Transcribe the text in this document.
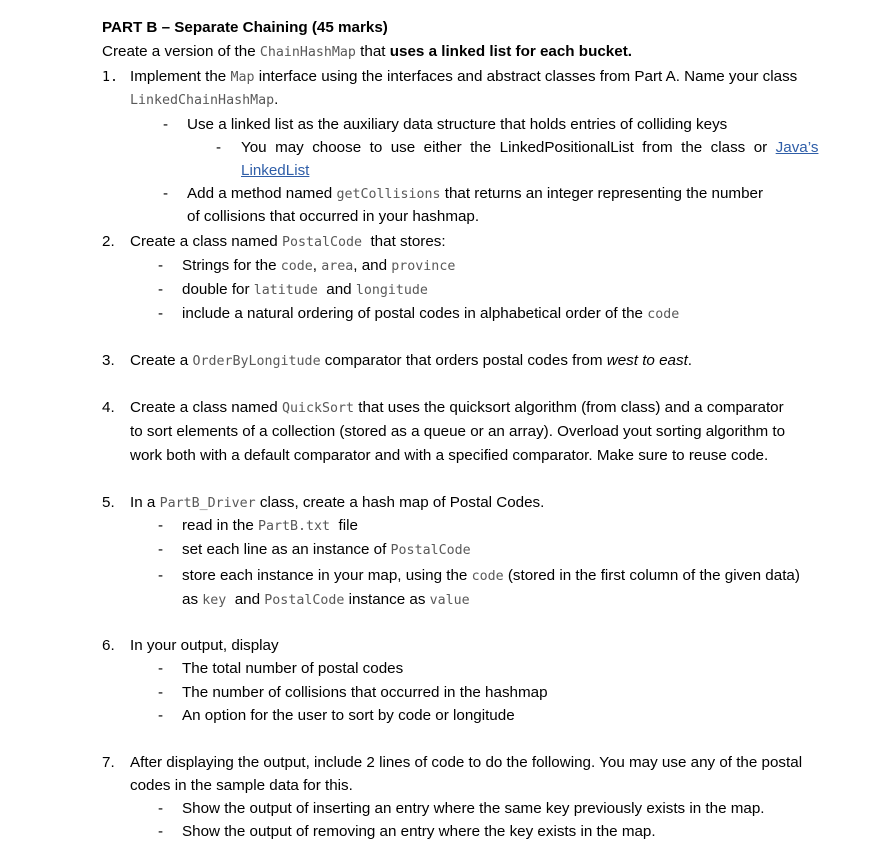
PART B – Separate Chaining (45 marks)
Create a version of the ChainHashMap that uses a linked list for each bucket.
1. Implement the Map interface using the interfaces and abstract classes from Part A. Name your class
LinkedChainHashMap.
- Use a linked list as the auxiliary data structure that holds entries of colliding keys
- You  may  choose  to  use  either  the  LinkedPositionalList  from  the  class  or  Java’s
LinkedList
- Add a method named getCollisions that returns an integer representing the number
of collisions that occurred in your hashmap.
2. Create a class named PostalCode  that stores:
- Strings for the code, area, and province
- double for latitude  and longitude
- include a natural ordering of postal codes in alphabetical order of the code
3. Create a OrderByLongitude comparator that orders postal codes from west to east.
4. Create a class named QuickSort that uses the quicksort algorithm (from class) and a comparator
to sort elements of a collection (stored as a queue or an array). Overload yout sorting algorithm to
work both with a default comparator and with a specified comparator. Make sure to reuse code.
5. In a PartB_Driver class, create a hash map of Postal Codes.
- read in the PartB.txt  file
- set each line as an instance of PostalCode
- store each instance in your map, using the code (stored in the first column of the given data)
as key  and PostalCode instance as value
6. In your output, display
- The total number of postal codes
- The number of collisions that occurred in the hashmap
- An option for the user to sort by code or longitude
7. After displaying the output, include 2 lines of code to do the following. You may use any of the postal
codes in the sample data for this.
- Show the output of inserting an entry where the same key previously exists in the map.
- Show the output of removing an entry where the key exists in the map.
